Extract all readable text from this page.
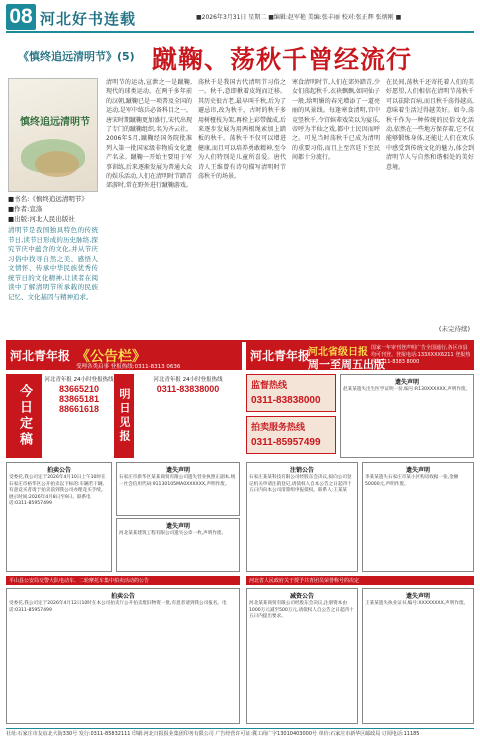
08 河北好书连载	■2026年3月31日 星期二 ■编辑:赵军艳 美编:张丰丽 校对:张正辉 张炳刚 ■
《慎终追远清明节》(5) 蹴鞠、荡秋千曾经流行
慎终追远清明节
■书名:《慎终追远清明节》
■作者:宣涤
■出版:河北人民出版社
清明节是我国独具特色的传统节日,读节日形成的历史脉络,探究节庆中蕴含的文化,并从节庆习俗中找寻自然之美、感悟人文情怀、传承中华民族优秀传统节日的文化精神,让读者在阅读中了解清明节所承载的民族记忆、文化基因与精神追求。
清明节的运动,宣泄之一是蹴鞠,现代的球类运动。在两千多年前的汉朝,蹴鞠已是一项普及全国的运动,是军中练兵必备科目之一。唐宋时期蹴鞠更加盛行,宋代出现了专门的蹴鞠组织,名为齐云社。2006年5月,蹴鞠经国务院批准列入第一批国家级非物质文化遗产名录。蹴鞠一开始主要用于军事训练,后来逐渐发展为普通大众的娱乐活动,人们在清明时节踏青郊游时,常在野外进行蹴鞠游戏。
荡秋千是我国古代清明节习俗之一。秋千,意即揪着皮绳而迁移。其历史很古老,最早叫千秋,后为了避忌讳,改为秋千。古时的秋千多用树桠枝为架,再栓上彩带做成,后来逐步发展为用两根绳索加上踏板的秋千。荡秋千不仅可以增进健康,而且可以培养勇敢精神,至今为人们特别是儿童所喜爱。唐代诗人王维曾有诗句描写清明时节荡秋千的场景。
寒食清明时节,人们在郊外踏青,少女们荡起秋千,衣袂飘飘,如同仙子一般,给明媚的春光增添了一道亮丽的风景线。每逢寒食清明,宫中竞竖秋千,令宫嫔辈戏笑以为宴乐,帝呼为半仙之戏,都中士民因而呼之。可见当时荡秋千已成为清明的重要习俗,而且上至宫廷下至民间都十分流行。
在民间,荡秋千还寄托着人们的美好愿望,人们相信在清明节荡秋千可以祛除百病,而且秋千荡得越高,意味着生活过得越美好。如今,荡秋千作为一种传统的民俗文化活动,依然在一些地方保存着,它不仅能够锻炼身体,还能让人们在欢乐中感受到传统文化的魅力,体会到清明节人与自然和谐相处的美好意境。
(未完待续)
河北青年报 《公告栏》
受理各类启事 登报热线:0311-8313 0636
河北青年报
河北省级日报
周一至周五出版
国家一年审刊登声明广告全国通行,各区市县均可刊登。登报电话:133XXXX6211 登报热线:0311-8383 8000
今日定稿
河北青年报 24小时登报热线
83665210
83865181
88661618	明日见报
河北青年报 24小时登报热线
0311-83838000	监督热线
0311-83838000
拍卖服务热线
0311-85957499
拍卖公告
受委托,我公司定于2026年4月10日上午10时在石家庄市裕华区公开拍卖以下标的:车辆若干辆。有意竞买者请于拍卖前到我公司办理竞买手续。展示时间:2026年4月8日至9日。联系电话:0311-85957499
遗失声明
石家庄市新华区某某商贸有限公司遗失营业执照正副本,统一社会信用代码:91130105MA0XXXXXX,声明作废。
遗失声明
河北某某建筑工程有限公司遗失公章一枚,声明作废。
遗失声明
赵某某遗失出生医学证明一份,编号:R130XXXXXX,声明作废。
注销公告
石家庄某某科技有限公司经股东会决议,拟向公司登记机关申请注销登记,请债权人自本公告之日起四十五日内向本公司清算组申报债权。联系人:王某某
遗失声明
李某某遗失石家庄市某小区购房收据一张,金额50000元,声明作废。
平山县公安局交警大队电动车、二轮摩托车集中拍卖活动的公告	河北省人民政府关于授予共青团员荣誉称号的决定
拍卖公告
受委托,我公司定于2026年4月12日10时在本公司拍卖厅公开拍卖废旧物资一批,有意者请到我公司报名。电话:0311-85957499
减资公告
河北某某商贸有限公司经股东会决议,注册资本由1000万元减至500万元,请债权人自公告之日起四十五日内提出要求。
遗失声明
王某某遗失执业证书,编号:XXXXXXXX,声明作废。
社址:石家庄市友谊北大街330号 发行:0311-85832111 印刷:河北日报报业集团印务有限公司 广告经营许可证:冀工商广字13010403000号 单价:石家庄市新华区邮政局 订阅电话:11185
